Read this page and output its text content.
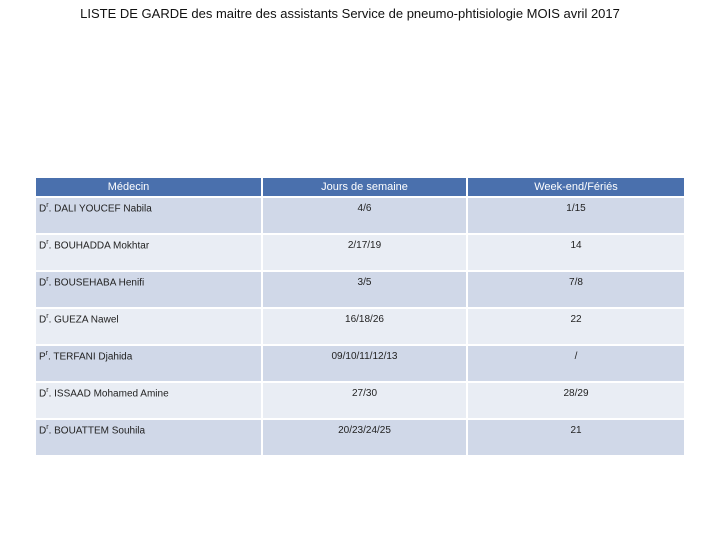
LISTE DE GARDE des maitre des assistants Service de pneumo-phtisiologie MOIS avril 2017
Médecin	Jours de semaine	Week-end/Fériés
$D^r$. DALI YOUCEF Nabila	4/6	1/15
$D^r$. BOUHADDA Mokhtar	2/17/19	14
$D^r$. BOUSEHABA Henifi	3/5	7/8
$D^r$. GUEZA Nawel	16/18/26	22
$P^r$. TERFANI Djahida	09/10/11/12/13	/
$D^r$. ISSAAD Mohamed Amine	27/30	28/29
$D^r$. BOUATTEM Souhila	20/23/24/25	21
